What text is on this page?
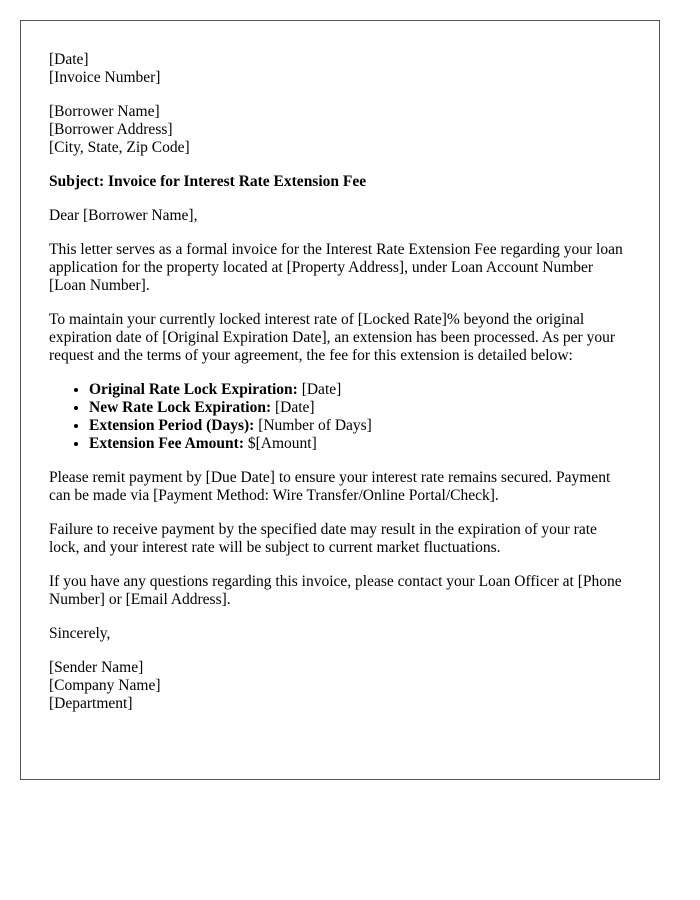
[Date]
[Invoice Number]
[Borrower Name]
[Borrower Address]
[City, State, Zip Code]

Subject: Invoice for Interest Rate Extension Fee

Dear [Borrower Name],

This letter serves as a formal invoice for the Interest Rate Extension Fee regarding your loan application for the property located at [Property Address], under Loan Account Number [Loan Number].

To maintain your currently locked interest rate of [Locked Rate]% beyond the original expiration date of [Original Expiration Date], an extension has been processed. As per your request and the terms of your agreement, the fee for this extension is detailed below:

• Original Rate Lock Expiration: [Date]
• New Rate Lock Expiration: [Date]
• Extension Period (Days): [Number of Days]
• Extension Fee Amount: $[Amount]

Please remit payment by [Due Date] to ensure your interest rate remains secured. Payment can be made via [Payment Method: Wire Transfer/Online Portal/Check].

Failure to receive payment by the specified date may result in the expiration of your rate lock, and your interest rate will be subject to current market fluctuations.

If you have any questions regarding this invoice, please contact your Loan Officer at [Phone Number] or [Email Address].

Sincerely,

[Sender Name]
[Company Name]
[Department]
